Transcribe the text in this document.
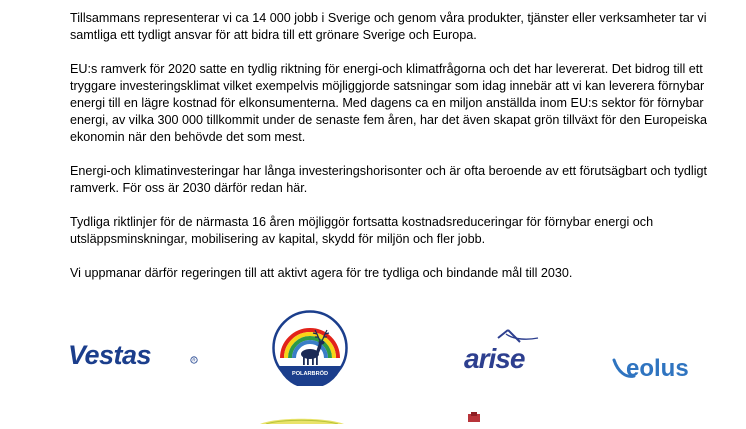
Tillsammans representerar vi ca 14 000 jobb i Sverige och genom våra produkter, tjänster eller verksamheter tar vi samtliga ett tydligt ansvar för att bidra till ett grönare Sverige och Europa.

EU:s ramverk för 2020 satte en tydlig riktning för energi-och klimatfrågorna och det har levererat. Det bidrog till ett tryggare investeringsklimat vilket exempelvis möjliggjorde satsningar som idag innebär att vi kan leverera förnybar energi till en lägre kostnad för elkonsumenterna. Med dagens ca en miljon anställda inom EU:s sektor för förnybar energi, av vilka 300 000 tillkommit under de senaste fem åren, har det även skapat grön tillväxt för den Europeiska ekonomin när den behövde det som mest.

Energi-och klimatinvesteringar har långa investeringshorisonter och är ofta beroende av ett förutsägbart och tydligt ramverk. För oss är 2030 därför redan här.

Tydliga riktlinjer för de närmasta 16 åren möjliggör fortsatta kostnadsreduceringar för förnybar energi och utsläppsminskningar, mobilisering av kapital, skydd för miljön och fler jobb.

Vi uppmanar därför regeringen till att aktivt agera för tre tydliga och bindande mål till 2030.

Vestas	R
POLARBRÖD	arise	eolus
